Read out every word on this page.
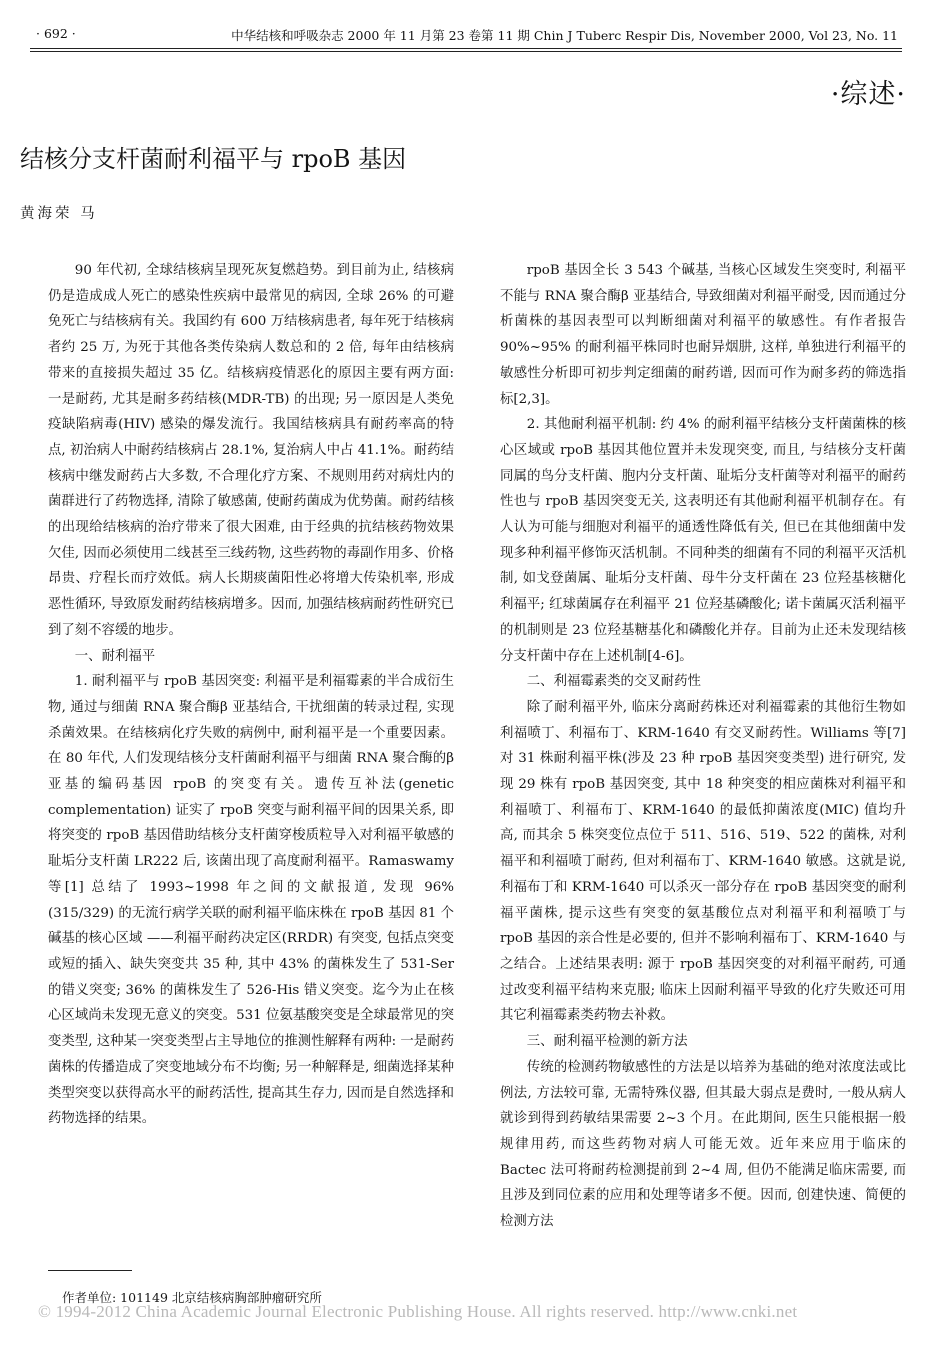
· 692 ·	中华结核和呼吸杂志 2000 年 11 月第 23 卷第 11 期 Chin J Tuberc Respir Dis, November 2000, Vol 23, No. 11
·综述·
结核分支杆菌耐利福平与 rpoB 基因
黄海荣 马

90 年代初, 全球结核病呈现死灰复燃趋势。到目前为止, 结核病仍是造成成人死亡的感染性疾病中最常见的病因, 全球 26% 的可避免死亡与结核病有关。我国约有 600 万结核病患者, 每年死于结核病者约 25 万, 为死于其他各类传染病人数总和的 2 倍, 每年由结核病带来的直接损失超过 35 亿。结核病疫情恶化的原因主要有两方面: 一是耐药, 尤其是耐多药结核(MDR-TB) 的出现; 另一原因是人类免疫缺陷病毒(HIV) 感染的爆发流行。我国结核病具有耐药率高的特点, 初治病人中耐药结核病占 28.1%, 复治病人中占 41.1%。耐药结核病中继发耐药占大多数, 不合理化疗方案、不规则用药对病灶内的菌群进行了药物选择, 清除了敏感菌, 使耐药菌成为优势菌。耐药结核的出现给结核病的治疗带来了很大困难, 由于经典的抗结核药物效果欠佳, 因而必须使用二线甚至三线药物, 这些药物的毒副作用多、价格昂贵、疗程长而疗效低。病人长期痰菌阳性必将增大传染机率, 形成恶性循环, 导致原发耐药结核病增多。因而, 加强结核病耐药性研究已到了刻不容缓的地步。

一、耐利福平

1. 耐利福平与 rpoB 基因突变: 利福平是利福霉素的半合成衍生物, 通过与细菌 RNA 聚合酶β 亚基结合, 干扰细菌的转录过程, 实现杀菌效果。在结核病化疗失败的病例中, 耐利福平是一个重要因素。在 80 年代, 人们发现结核分支杆菌耐利福平与细菌 RNA 聚合酶的β 亚基的编码基因 rpoB 的突变有关。遗传互补法(genetic complementation) 证实了 rpoB 突变与耐利福平间的因果关系, 即将突变的 rpoB 基因借助结核分支杆菌穿梭质粒导入对利福平敏感的耻垢分支杆菌 LR222 后, 该菌出现了高度耐利福平。Ramaswamy 等[1] 总结了 1993~1998 年之间的文献报道, 发现 96% (315/329) 的无流行病学关联的耐利福平临床株在 rpoB 基因 81 个碱基的核心区域 ——利福平耐药决定区(RRDR) 有突变, 包括点突变或短的插入、缺失突变共 35 种, 其中 43% 的菌株发生了 531-Ser 的错义突变; 36% 的菌株发生了 526-His 错义突变。迄今为止在核心区域尚未发现无意义的突变。531 位氨基酸突变是全球最常见的突变类型, 这种某一突变类型占主导地位的推测性解释有两种: 一是耐药菌株的传播造成了突变地域分布不均衡; 另一种解释是, 细菌选择某种类型突变以获得高水平的耐药活性, 提高其生存力, 因而是自然选择和药物选择的结果。

rpoB 基因全长 3 543 个碱基, 当核心区域发生突变时, 利福平不能与 RNA 聚合酶β 亚基结合, 导致细菌对利福平耐受, 因而通过分析菌株的基因表型可以判断细菌对利福平的敏感性。有作者报告 90%~95% 的耐利福平株同时也耐异烟肼, 这样, 单独进行利福平的敏感性分析即可初步判定细菌的耐药谱, 因而可作为耐多药的筛选指标[2,3]。

2. 其他耐利福平机制: 约 4% 的耐利福平结核分支杆菌菌株的核心区域或 rpoB 基因其他位置并未发现突变, 而且, 与结核分支杆菌同属的鸟分支杆菌、胞内分支杆菌、耻垢分支杆菌等对利福平的耐药性也与 rpoB 基因突变无关, 这表明还有其他耐利福平机制存在。有人认为可能与细胞对利福平的通透性降低有关, 但已在其他细菌中发现多种利福平修饰灭活机制。不同种类的细菌有不同的利福平灭活机制, 如戈登菌属、耻垢分支杆菌、母牛分支杆菌在 23 位羟基核糖化利福平; 红球菌属存在利福平 21 位羟基磷酸化; 诺卡菌属灭活利福平的机制则是 23 位羟基糖基化和磷酸化并存。目前为止还未发现结核分支杆菌中存在上述机制[4-6]。

二、利福霉素类的交叉耐药性

除了耐利福平外, 临床分离耐药株还对利福霉素的其他衍生物如利福喷丁、利福布丁、KRM-1640 有交叉耐药性。Williams 等[7] 对 31 株耐利福平株(涉及 23 种 rpoB 基因突变类型) 进行研究, 发现 29 株有 rpoB 基因突变, 其中 18 种突变的相应菌株对利福平和利福喷丁、利福布丁、KRM-1640 的最低抑菌浓度(MIC) 值均升高, 而其余 5 株突变位点位于 511、516、519、522 的菌株, 对利福平和利福喷丁耐药, 但对利福布丁、KRM-1640 敏感。这就是说, 利福布丁和 KRM-1640 可以杀灭一部分存在 rpoB 基因突变的耐利福平菌株, 提示这些有突变的氨基酸位点对利福平和利福喷丁与 rpoB 基因的亲合性是必要的, 但并不影响利福布丁、KRM-1640 与之结合。上述结果表明: 源于 rpoB 基因突变的对利福平耐药, 可通过改变利福平结构来克服; 临床上因耐利福平导致的化疗失败还可用其它利福霉素类药物去补救。

三、耐利福平检测的新方法

传统的检测药物敏感性的方法是以培养为基础的绝对浓度法或比例法, 方法较可靠, 无需特殊仪器, 但其最大弱点是费时, 一般从病人就诊到得到药敏结果需要 2~3 个月。在此期间, 医生只能根据一般规律用药, 而这些药物对病人可能无效。近年来应用于临床的 Bactec 法可将耐药检测提前到 2~4 周, 但仍不能满足临床需要, 而且涉及到同位素的应用和处理等诸多不便。因而, 创建快速、简便的检测方法

作者单位: 101149 北京结核病胸部肿瘤研究所
© 1994-2012 China Academic Journal Electronic Publishing House. All rights reserved. http://www.cnki.net
